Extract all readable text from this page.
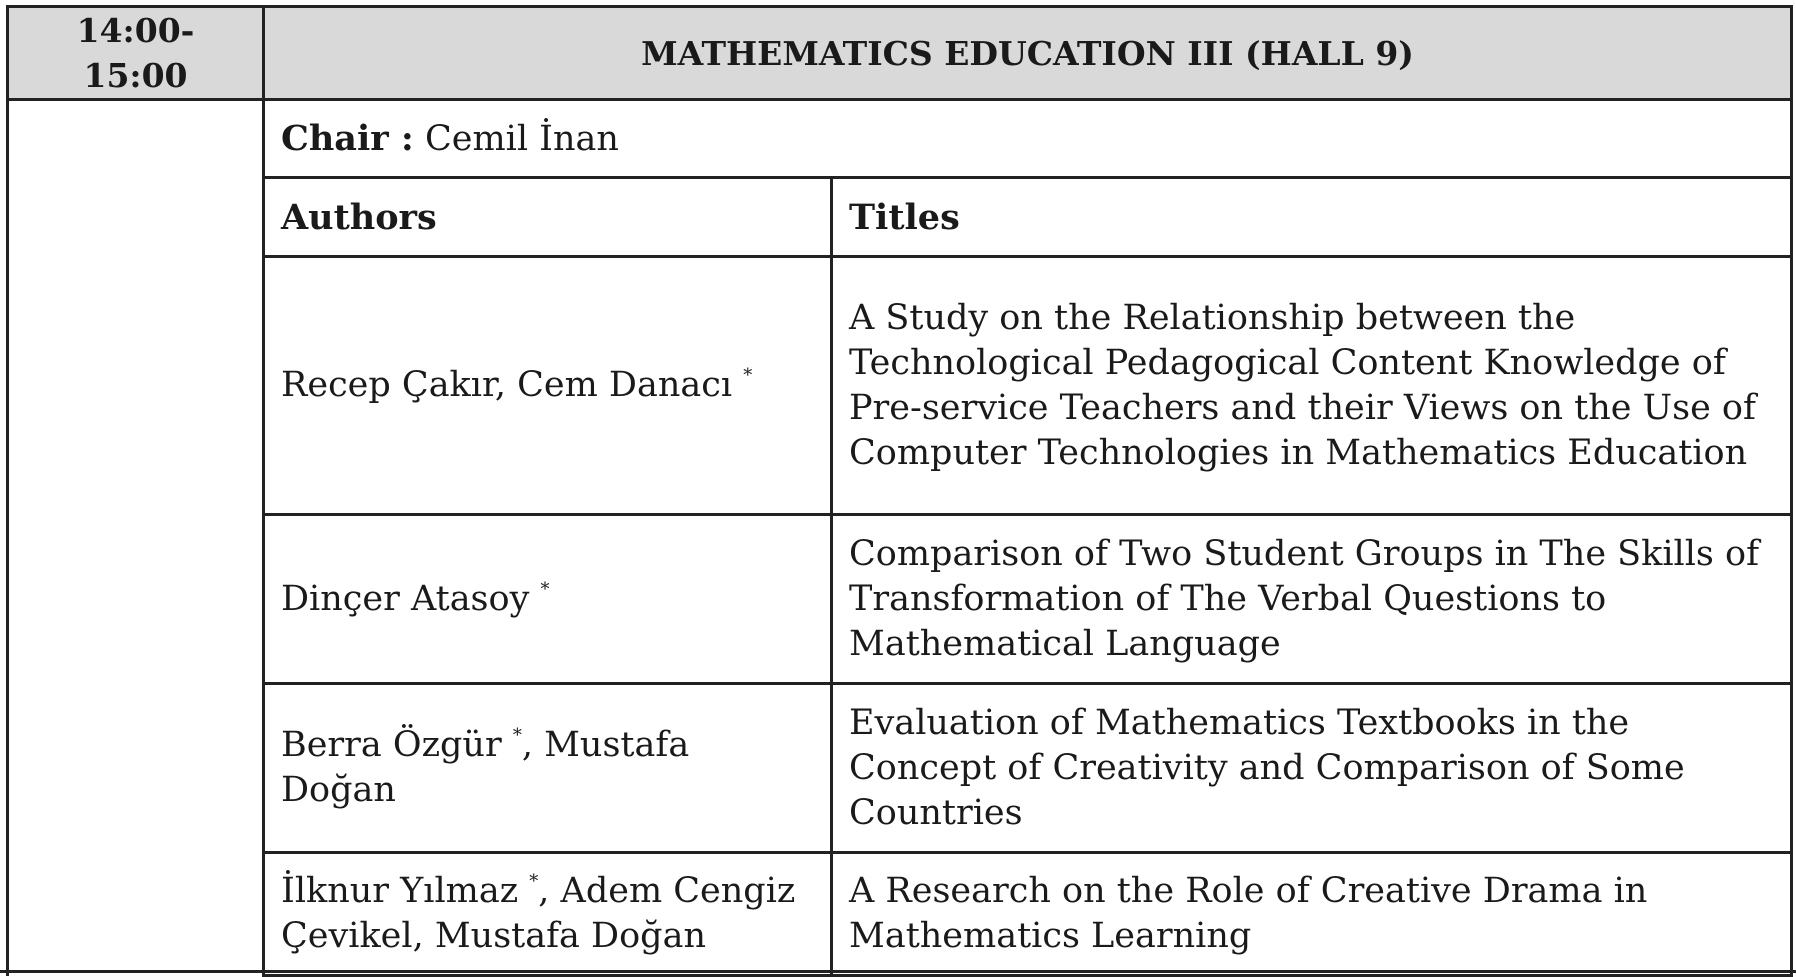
14:00-15:00	MATHEMATICS EDUCATION III (HALL 9)	
	Chair : Cemil İnan	
	Authors	Titles
	Recep Çakır, Cem Danacı *	A Study on the Relationship between the Technological Pedagogical Content Knowledge of Pre-service Teachers and their Views on the Use of Computer Technologies in Mathematics Education
	Dinçer Atasoy *	Comparison of Two Student Groups in The Skills of Transformation of The Verbal Questions to Mathematical Language
	Berra Özgür *, Mustafa Doğan	Evaluation of Mathematics Textbooks in the Concept of Creativity and Comparison of Some Countries
	İlknur Yılmaz *, Adem Cengiz Çevikel, Mustafa Doğan	A Research on the Role of Creative Drama in Mathematics Learning
